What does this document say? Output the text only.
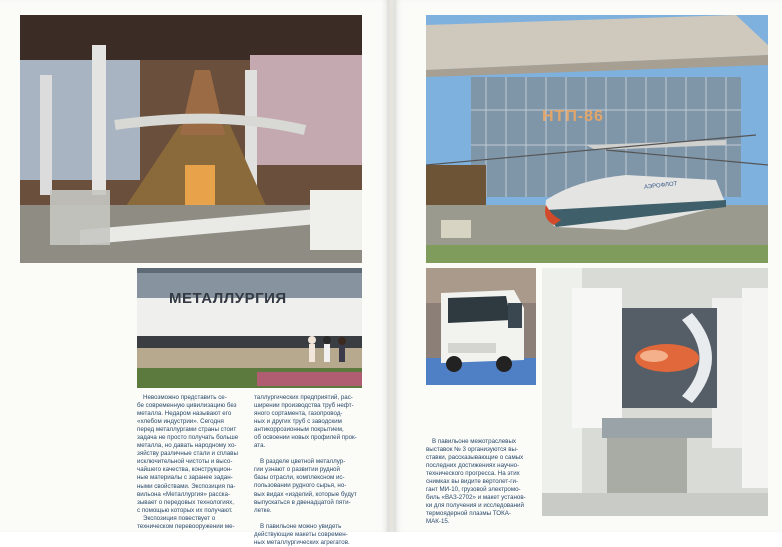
МЕТАЛЛУРГИЯ

Невозможно представить се-
бе современную цивилизацию без
металла. Недаром называют его
«хлебом индустрии». Сегодня
перед металлургами страны стоит
задача не просто получать больше
металла, но давать народному хо-
зяйству различные стали и сплавы
исключительной чистоты и высо-
чайшего качества, конструкцион-
ные материалы с заранее задан-
ными свойствами. Экспозиция па-
вильона «Металлургия» расска-
зывает о передовых технологиях,
с помощью которых их получают.

Экспозиция повествует о
техническом перевооружении ме-

таллургических предприятий, рас-
ширении производства труб нефт-
яного сортамента, газопровод-
ных и других труб с заводским
антикоррозионным покрытием,
об освоении новых профилей прок-
ата.

В разделе цветной металлур-
гии узнают о развитии рудной
базы отрасли, комплексном ис-
пользовании рудного сырья, но-
вых видах «изделий, которые будут
выпускаться в двенадцатой пяти-
летке.

В павильоне можно увидеть
действующие макеты современ-
ных металлургических агрегатов.

НТП-86
АЭРОФЛОТ

В павильоне межотраслевых
выставок № 3 организуются вы-
ставки, рассказывающие о самых
последних достижениях научно-
технического прогресса. На этих
снимках вы видите вертолет-ги-
гант МИ-10, грузовой электромо-
биль «ВАЗ-2702» и макет установ-
ки для получения и исследований
термоядерной плазмы ТОКА-
МАК-15.
